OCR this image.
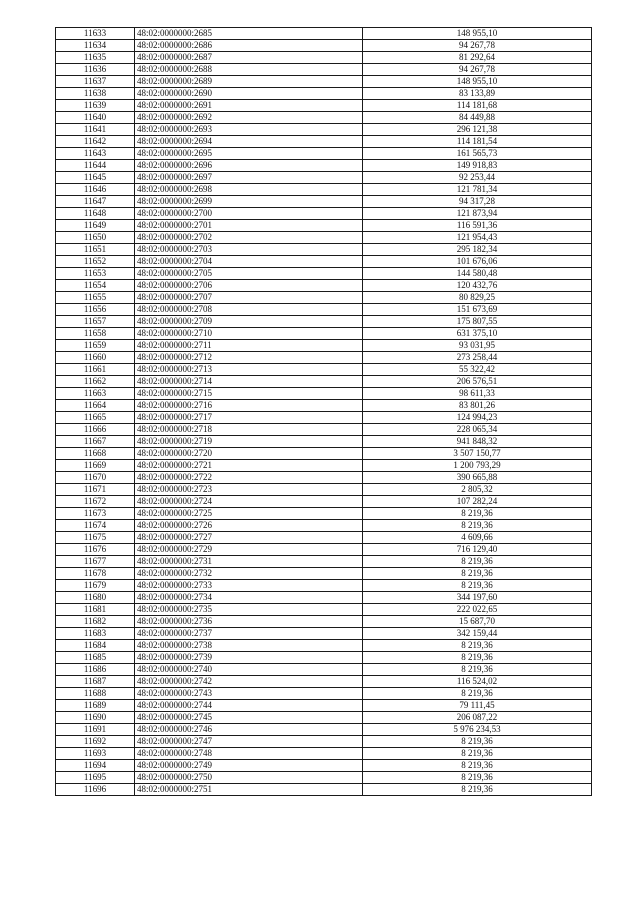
11633	48:02:0000000:2685	148 955,10
11634	48:02:0000000:2686	94 267,78
11635	48:02:0000000:2687	81 292,64
11636	48:02:0000000:2688	94 267,78
11637	48:02:0000000:2689	148 955,10
11638	48:02:0000000:2690	83 133,89
11639	48:02:0000000:2691	114 181,68
11640	48:02:0000000:2692	84 449,88
11641	48:02:0000000:2693	296 121,38
11642	48:02:0000000:2694	114 181,54
11643	48:02:0000000:2695	161 565,73
11644	48:02:0000000:2696	149 918,83
11645	48:02:0000000:2697	92 253,44
11646	48:02:0000000:2698	121 781,34
11647	48:02:0000000:2699	94 317,28
11648	48:02:0000000:2700	121 873,94
11649	48:02:0000000:2701	116 591,36
11650	48:02:0000000:2702	121 954,43
11651	48:02:0000000:2703	295 182,34
11652	48:02:0000000:2704	101 676,06
11653	48:02:0000000:2705	144 580,48
11654	48:02:0000000:2706	120 432,76
11655	48:02:0000000:2707	80 829,25
11656	48:02:0000000:2708	151 673,69
11657	48:02:0000000:2709	175 807,55
11658	48:02:0000000:2710	631 375,10
11659	48:02:0000000:2711	93 031,95
11660	48:02:0000000:2712	273 258,44
11661	48:02:0000000:2713	55 322,42
11662	48:02:0000000:2714	206 576,51
11663	48:02:0000000:2715	98 611,33
11664	48:02:0000000:2716	83 801,26
11665	48:02:0000000:2717	124 994,23
11666	48:02:0000000:2718	228 065,34
11667	48:02:0000000:2719	941 848,32
11668	48:02:0000000:2720	3 507 150,77
11669	48:02:0000000:2721	1 200 793,29
11670	48:02:0000000:2722	390 665,88
11671	48:02:0000000:2723	2 805,32
11672	48:02:0000000:2724	107 282,24
11673	48:02:0000000:2725	8 219,36
11674	48:02:0000000:2726	8 219,36
11675	48:02:0000000:2727	4 609,66
11676	48:02:0000000:2729	716 129,40
11677	48:02:0000000:2731	8 219,36
11678	48:02:0000000:2732	8 219,36
11679	48:02:0000000:2733	8 219,36
11680	48:02:0000000:2734	344 197,60
11681	48:02:0000000:2735	222 022,65
11682	48:02:0000000:2736	15 687,70
11683	48:02:0000000:2737	342 159,44
11684	48:02:0000000:2738	8 219,36
11685	48:02:0000000:2739	8 219,36
11686	48:02:0000000:2740	8 219,36
11687	48:02:0000000:2742	116 524,02
11688	48:02:0000000:2743	8 219,36
11689	48:02:0000000:2744	79 111,45
11690	48:02:0000000:2745	206 087,22
11691	48:02:0000000:2746	5 976 234,53
11692	48:02:0000000:2747	8 219,36
11693	48:02:0000000:2748	8 219,36
11694	48:02:0000000:2749	8 219,36
11695	48:02:0000000:2750	8 219,36
11696	48:02:0000000:2751	8 219,36
